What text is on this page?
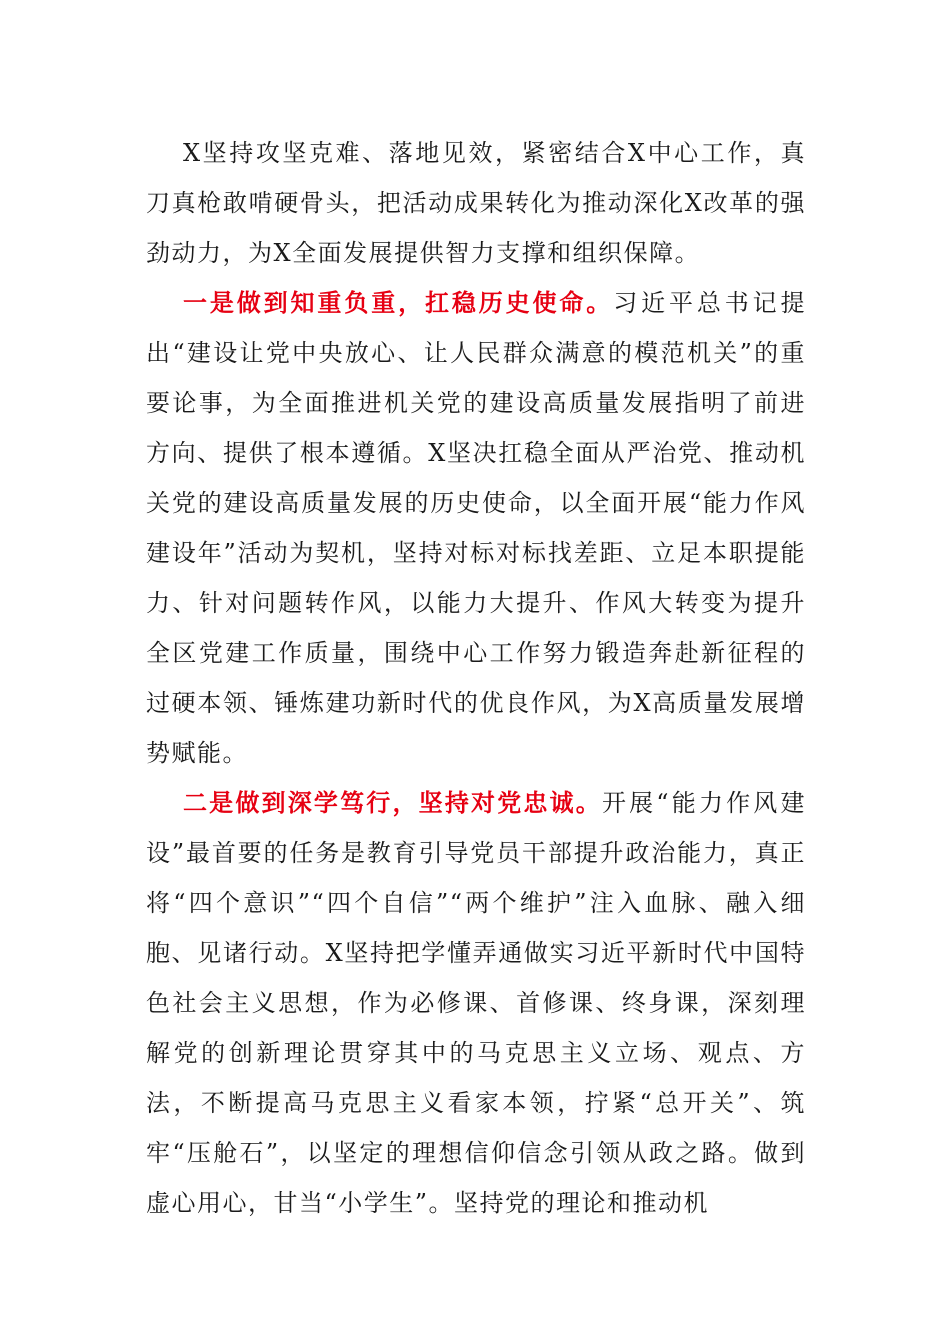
X坚持攻坚克难、落地见效，紧密结合X中心工作，真刀真枪敢啃硬骨头，把活动成果转化为推动深化X改革的强劲动力，为X全面发展提供智力支撑和组织保障。

一是做到知重负重，扛稳历史使命。习近平总书记提出“建设让党中央放心、让人民群众满意的模范机关”的重要论事，为全面推进机关党的建设高质量发展指明了前进方向、提供了根本遵循。X坚决扛稳全面从严治党、推动机关党的建设高质量发展的历史使命，以全面开展“能力作风建设年”活动为契机，坚持对标对标找差距、立足本职提能力、针对问题转作风，以能力大提升、作风大转变为提升全区党建工作质量，围绕中心工作努力锻造奔赴新征程的过硬本领、锤炼建功新时代的优良作风，为X高质量发展增势赋能。

二是做到深学笃行，坚持对党忠诚。开展“能力作风建设”最首要的任务是教育引导党员干部提升政治能力，真正将“四个意识”“四个自信”“两个维护”注入血脉、融入细胞、见诸行动。X坚持把学懂弄通做实习近平新时代中国特色社会主义思想，作为必修课、首修课、终身课，深刻理解党的创新理论贯穿其中的马克思主义立场、观点、方法，不断提高马克思主义看家本领，拧紧“总开关”、筑牢“压舱石”，以坚定的理想信仰信念引领从政之路。做到虚心用心，甘当“小学生”。坚持党的理论和推动机
